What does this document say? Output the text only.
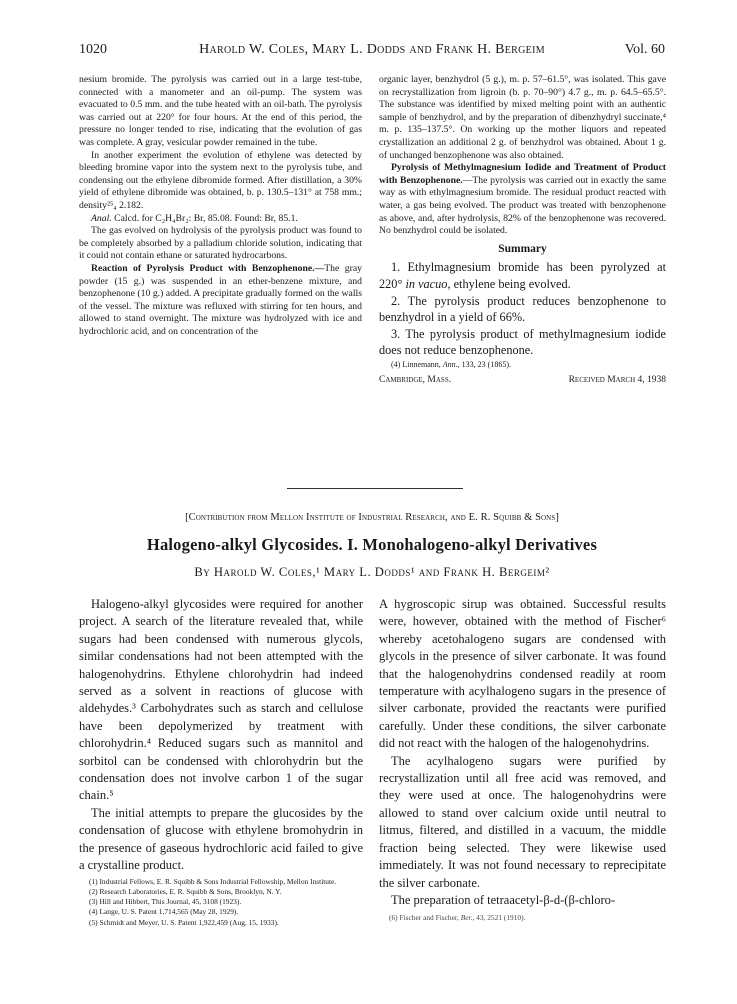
1020	Harold W. Coles, Mary L. Dodds and Frank H. Bergeim	Vol. 60

nesium bromide. The pyrolysis was carried out in a large test-tube, connected with a manometer and an oil-pump. The system was evacuated to 0.5 mm. and the tube heated with an oil-bath. The pyrolysis was carried out at 220° for four hours. At the end of this period, the pressure no longer tended to rise, indicating that the evolution of gas was complete. A gray, vesicular powder remained in the tube.

In another experiment the evolution of ethylene was detected by bleeding bromine vapor into the system next to the pyrolysis tube, and condensing out the ethylene dibromide formed. After distillation, a 30% yield of ethylene dibromide was obtained, b. p. 130.5–131° at 758 mm.; density²⁵₄ 2.182.

Anal. Calcd. for C₂H₄Br₂: Br, 85.08. Found: Br, 85.1.

The gas evolved on hydrolysis of the pyrolysis product was found to be completely absorbed by a palladium chloride solution, indicating that it could not contain ethane or saturated hydrocarbons.

Reaction of Pyrolysis Product with Benzophenone.—The gray powder (15 g.) was suspended in an ether-benzene mixture, and benzophenone (10 g.) added. A precipitate gradually formed on the walls of the vessel. The mixture was refluxed with stirring for ten hours, and allowed to stand overnight. The mixture was hydrolyzed with ice and hydrochloric acid, and on concentration of the

organic layer, benzhydrol (5 g.), m. p. 57–61.5°, was isolated. This gave on recrystallization from ligroin (b. p. 70–90°) 4.7 g., m. p. 64.5–65.5°. The substance was identified by mixed melting point with an authentic sample of benzhydrol, and by the preparation of dibenzhydryl succinate,⁴ m. p. 135–137.5°. On working up the mother liquors and repeated crystallization an additional 2 g. of benzhydrol was obtained. About 1 g. of unchanged benzophenone was also obtained.

Pyrolysis of Methylmagnesium Iodide and Treatment of Product with Benzophenone.—The pyrolysis was carried out in exactly the same way as with ethylmagnesium bromide. The residual product reacted with water, a gas being evolved. The product was treated with benzophenone as above, and, after hydrolysis, 82% of the benzophenone was recovered. No benzhydrol could be isolated.

Summary

1. Ethylmagnesium bromide has been pyrolyzed at 220° in vacuo, ethylene being evolved.

2. The pyrolysis product reduces benzophenone to benzhydrol in a yield of 66%.

3. The pyrolysis product of methylmagnesium iodide does not reduce benzophenone.

(4) Linnemann, Ann., 133, 23 (1865).

Cambridge, Mass.	Received March 4, 1938
[Contribution from Mellon Institute of Industrial Research, and E. R. Squibb & Sons]
Halogeno-alkyl Glycosides. I. Monohalogeno-alkyl Derivatives
By Harold W. Coles,¹ Mary L. Dodds¹ and Frank H. Bergeim²

Halogeno-alkyl glycosides were required for another project. A search of the literature revealed that, while sugars had been condensed with numerous glycols, similar condensations had not been attempted with the halogenohydrins. Ethylene chlorohydrin had indeed served as a solvent in reactions of glucose with aldehydes.³ Carbohydrates such as starch and cellulose have been depolymerized by treatment with chlorohydrin.⁴ Reduced sugars such as mannitol and sorbitol can be condensed with chlorohydrin but the condensation does not involve carbon 1 of the sugar chain.⁵

The initial attempts to prepare the glucosides by the condensation of glucose with ethylene bromohydrin in the presence of gaseous hydrochloric acid failed to give a crystalline product.

(1) Industrial Fellows, E. R. Squibb & Sons Industrial Fellowship, Mellon Institute.
(2) Research Laboratories, E. R. Squibb & Sons, Brooklyn, N. Y.
(3) Hill and Hibbert, This Journal, 45, 3108 (1923).
(4) Lange, U. S. Patent 1,714,565 (May 28, 1929).
(5) Schmidt and Meyer, U. S. Patent 1,922,459 (Aug. 15, 1933).

A hygroscopic sirup was obtained. Successful results were, however, obtained with the method of Fischer⁶ whereby acetohalogeno sugars are condensed with glycols in the presence of silver carbonate. It was found that the halogenohydrins condensed readily at room temperature with acylhalogeno sugars in the presence of silver carbonate, provided the reactants were purified carefully. Under these conditions, the silver carbonate did not react with the halogen of the halogenohydrins.

The acylhalogeno sugars were purified by recrystallization until all free acid was removed, and they were used at once. The halogenohydrins were allowed to stand over calcium oxide until neutral to litmus, filtered, and distilled in a vacuum, the middle fraction being selected. They were likewise used immediately. It was not found necessary to reprecipitate the silver carbonate.

The preparation of tetraacetyl-β-d-(β-chloro-

(6) Fischer and Fischer, Ber., 43, 2521 (1910).
